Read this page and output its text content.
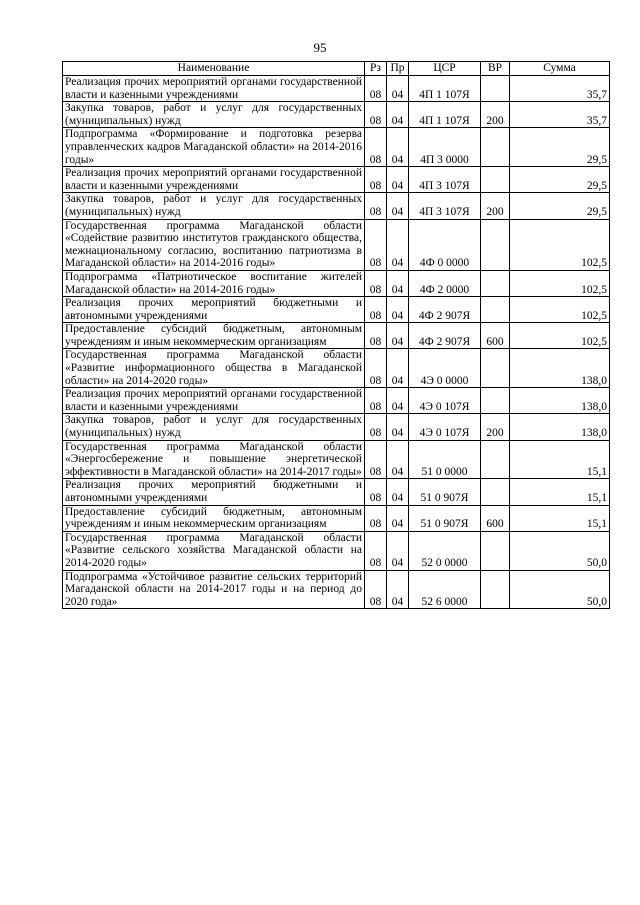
95
Наименование	Рз	Пр	ЦСР	ВР	Сумма
Реализация прочих мероприятий органами государственной власти и казенными учреждениями	08	04	4П 1 107Я		35,7
Закупка товаров, работ и услуг для государственных (муниципальных) нужд	08	04	4П 1 107Я	200	35,7
Подпрограмма «Формирование и подготовка резерва управленческих кадров Магаданской области» на 2014-2016 годы»	08	04	4П 3 0000		29,5
Реализация прочих мероприятий органами государственной власти и казенными учреждениями	08	04	4П 3 107Я		29,5
Закупка товаров, работ и услуг для государственных (муниципальных) нужд	08	04	4П 3 107Я	200	29,5
Государственная программа Магаданской области «Содействие развитию институтов гражданского общества, межнациональному согласию, воспитанию патриотизма в Магаданской области» на 2014-2016 годы»	08	04	4Ф 0 0000		102,5
Подпрограмма «Патриотическое воспитание жителей Магаданской области» на 2014-2016 годы»	08	04	4Ф 2 0000		102,5
Реализация прочих мероприятий бюджетными и автономными учреждениями	08	04	4Ф 2 907Я		102,5
Предоставление субсидий бюджетным, автономным учреждениям и иным некоммерческим организациям	08	04	4Ф 2 907Я	600	102,5
Государственная программа Магаданской области «Развитие информационного общества в Магаданской области» на 2014-2020 годы»	08	04	4Э 0 0000		138,0
Реализация прочих мероприятий органами государственной власти и казенными учреждениями	08	04	4Э 0 107Я		138,0
Закупка товаров, работ и услуг для государственных (муниципальных) нужд	08	04	4Э 0 107Я	200	138,0
Государственная программа Магаданской области «Энергосбережение и повышение энергетической эффективности в Магаданской области» на 2014-2017 годы»	08	04	51 0 0000		15,1
Реализация прочих мероприятий бюджетными и автономными учреждениями	08	04	51 0 907Я		15,1
Предоставление субсидий бюджетным, автономным учреждениям и иным некоммерческим организациям	08	04	51 0 907Я	600	15,1
Государственная программа Магаданской области «Развитие сельского хозяйства Магаданской области на 2014-2020 годы»	08	04	52 0 0000		50,0
Подпрограмма «Устойчивое развитие сельских территорий Магаданской области на 2014-2017 годы и на период до 2020 года»	08	04	52 6 0000		50,0
